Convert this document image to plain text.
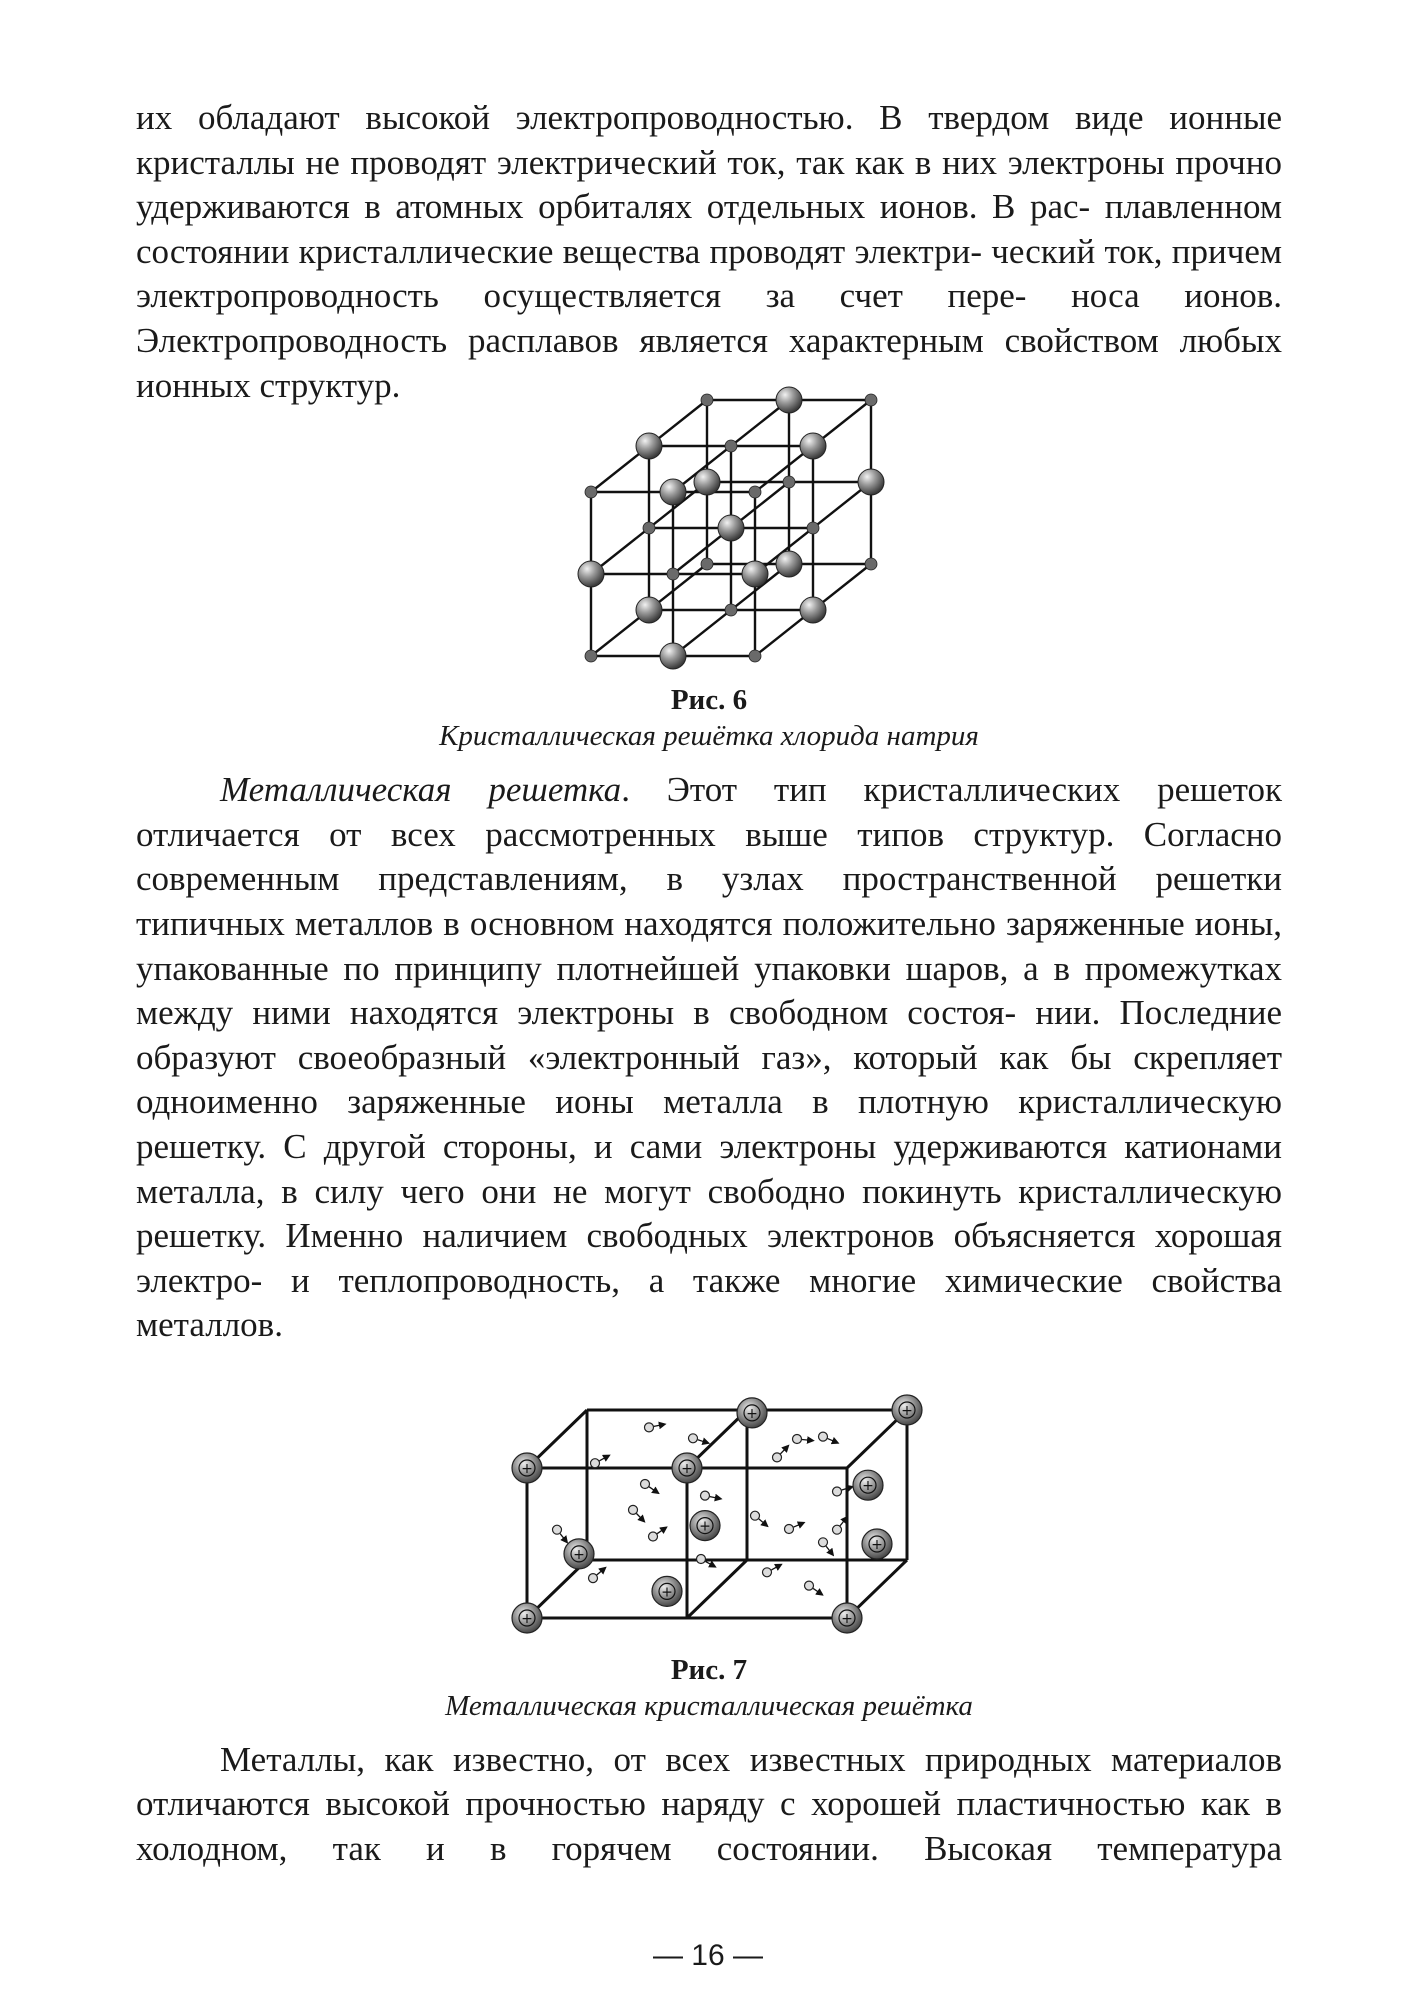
их обладают высокой электропроводностью. В твердом виде ионные кристаллы не проводят электрический ток, так как в них электроны прочно удерживаются в атомных орбиталях отдельных ионов. В рас- плавленном состоянии кристаллические вещества проводят электри- ческий ток, причем электропроводность осуществляется за счет пере- носа ионов. Электропроводность расплавов является характерным свойством любых ионных структур.

Рис. 6
Кристаллическая решётка хлорида натрия

Металлическая решетка. Этот тип кристаллических решеток отличается от всех рассмотренных выше типов структур. Согласно современным представлениям, в узлах пространственной решетки типичных металлов в основном находятся положительно заряженные ионы, упакованные по принципу плотнейшей упаковки шаров, а в промежутках между ними находятся электроны в свободном состоя- нии. Последние образуют своеобразный «электронный газ», который как бы скрепляет одноименно заряженные ионы металла в плотную кристаллическую решетку. С другой стороны, и сами электроны удерживаются катионами металла, в силу чего они не могут свободно покинуть кристаллическую решетку. Именно наличием свободных электронов объясняется хорошая электро- и теплопроводность, а также многие химические свойства металлов.

+
+
+
+	+
+
+
+
+
+
+
Рис. 7
Металлическая кристаллическая решётка

Металлы, как известно, от всех известных природных материалов отличаются высокой прочностью наряду с хорошей пластичностью как в холодном, так и в горячем состоянии. Высокая температура

— 16 —
